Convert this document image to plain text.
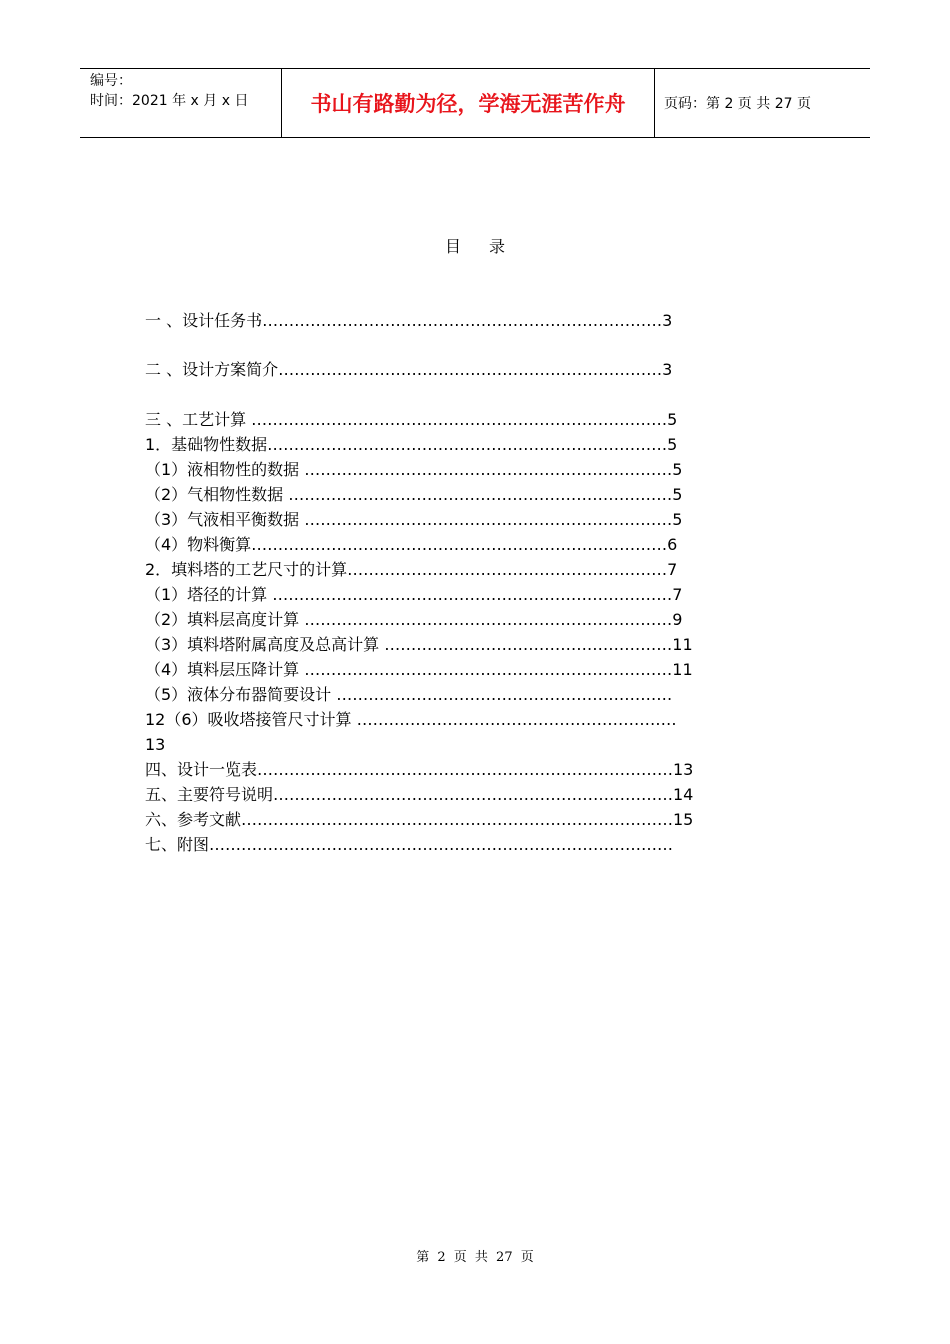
编号：
时间：2021 年 x 月 x 日	书山有路勤为径，学海无涯苦作舟	页码：第 2 页 共 27 页
目录
一 、设计任务书…………………………………………………………………3
二 、设计方案简介………………………………………………………………3
三 、工艺计算 ……………………………………………………………………5
1．基础物性数据…………………………………………………………………5
（1）液相物性的数据 ……………………………………………………………5
（2）气相物性数据 ………………………………………………………………5
（3）气液相平衡数据 ……………………………………………………………5
（4）物料衡算……………………………………………………………………6
2．填料塔的工艺尺寸的计算……………………………………………………7
（1）塔径的计算 …………………………………………………………………7
（2）填料层高度计算 ……………………………………………………………9
（3）填料塔附属高度及总高计算 ………………………………………………11
（4）填料层压降计算 ……………………………………………………………11
（5）液体分布器简要设计 ………………………………………………………
12（6）吸收塔接管尺寸计算 ……………………………………………………
13
四、设计一览表……………………………………………………………………13
五、主要符号说明…………………………………………………………………14
六、参考文献………………………………………………………………………15
七、附图……………………………………………………………………………
第 2 页 共 27 页
